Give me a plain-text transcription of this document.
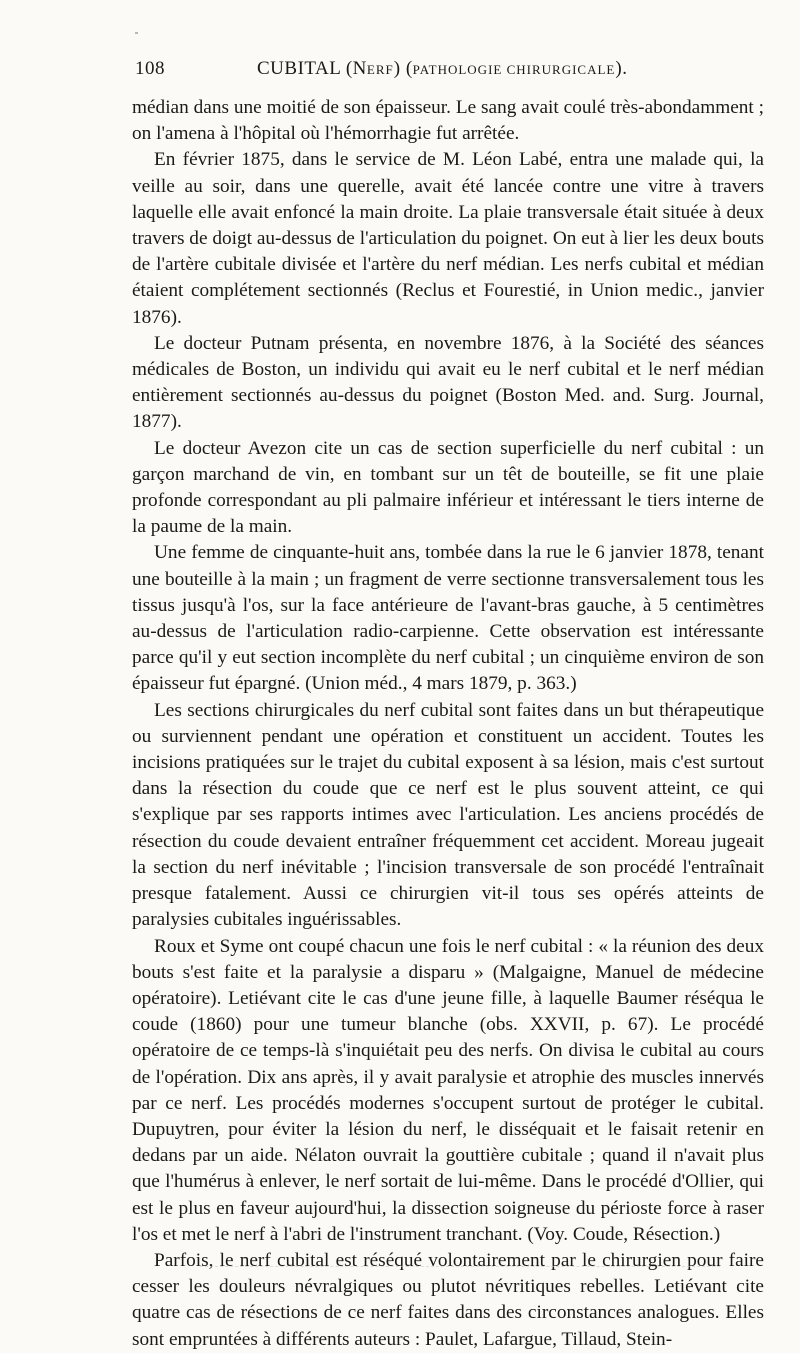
108	CUBITAL (NERF) (PATHOLOGIE CHIRURGICALE).

médian dans une moitié de son épaisseur. Le sang avait coulé très-abondamment ; on l'amena à l'hôpital où l'hémorrhagie fut arrêtée.

En février 1875, dans le service de M. Léon Labé, entra une malade qui, la veille au soir, dans une querelle, avait été lancée contre une vitre à travers laquelle elle avait enfoncé la main droite. La plaie transversale était située à deux travers de doigt au-dessus de l'articulation du poignet. On eut à lier les deux bouts de l'artère cubitale divisée et l'artère du nerf médian. Les nerfs cubital et médian étaient complétement sectionnés (Reclus et Fourestié, in Union medic., janvier 1876).

Le docteur Putnam présenta, en novembre 1876, à la Société des séances médicales de Boston, un individu qui avait eu le nerf cubital et le nerf médian entièrement sectionnés au-dessus du poignet (Boston Med. and. Surg. Journal, 1877).

Le docteur Avezon cite un cas de section superficielle du nerf cubital : un garçon marchand de vin, en tombant sur un têt de bouteille, se fit une plaie profonde correspondant au pli palmaire inférieur et intéressant le tiers interne de la paume de la main.

Une femme de cinquante-huit ans, tombée dans la rue le 6 janvier 1878, tenant une bouteille à la main ; un fragment de verre sectionne transversalement tous les tissus jusqu'à l'os, sur la face antérieure de l'avant-bras gauche, à 5 centimètres au-dessus de l'articulation radio-carpienne. Cette observation est intéressante parce qu'il y eut section incomplète du nerf cubital ; un cinquième environ de son épaisseur fut épargné. (Union méd., 4 mars 1879, p. 363.)

Les sections chirurgicales du nerf cubital sont faites dans un but thérapeutique ou surviennent pendant une opération et constituent un accident. Toutes les incisions pratiquées sur le trajet du cubital exposent à sa lésion, mais c'est surtout dans la résection du coude que ce nerf est le plus souvent atteint, ce qui s'explique par ses rapports intimes avec l'articulation. Les anciens procédés de résection du coude devaient entraîner fréquemment cet accident. Moreau jugeait la section du nerf inévitable ; l'incision transversale de son procédé l'entraînait presque fatalement. Aussi ce chirurgien vit-il tous ses opérés atteints de paralysies cubitales inguérissables.

Roux et Syme ont coupé chacun une fois le nerf cubital : « la réunion des deux bouts s'est faite et la paralysie a disparu » (Malgaigne, Manuel de médecine opératoire). Letiévant cite le cas d'une jeune fille, à laquelle Baumer réséqua le coude (1860) pour une tumeur blanche (obs. XXVII, p. 67). Le procédé opératoire de ce temps-là s'inquiétait peu des nerfs. On divisa le cubital au cours de l'opération. Dix ans après, il y avait paralysie et atrophie des muscles innervés par ce nerf. Les procédés modernes s'occupent surtout de protéger le cubital. Dupuytren, pour éviter la lésion du nerf, le disséquait et le faisait retenir en dedans par un aide. Nélaton ouvrait la gouttière cubitale ; quand il n'avait plus que l'humérus à enlever, le nerf sortait de lui-même. Dans le procédé d'Ollier, qui est le plus en faveur aujourd'hui, la dissection soigneuse du périoste force à raser l'os et met le nerf à l'abri de l'instrument tranchant. (Voy. Coude, Résection.)

Parfois, le nerf cubital est réséqué volontairement par le chirurgien pour faire cesser les douleurs névralgiques ou plutot névritiques rebelles. Letiévant cite quatre cas de résections de ce nerf faites dans des circonstances analogues. Elles sont empruntées à différents auteurs : Paulet, Lafargue, Tillaud, Stein-
